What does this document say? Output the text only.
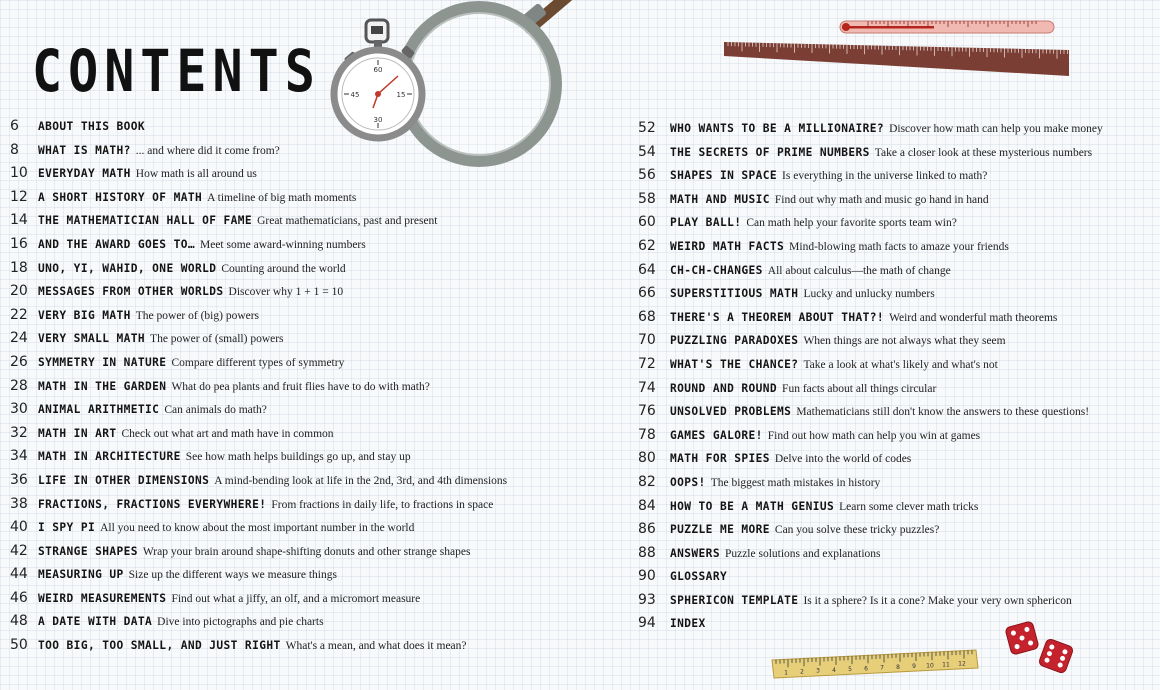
CONTENTS	60
15
30
45
1 2 3 4 5 6 7 8 9 10 11 12
6	ABOUT THIS BOOK
8	WHAT IS MATH? ... and where did it come from?
10 EVERYDAY MATH How math is all around us
12 A SHORT HISTORY OF MATH A timeline of big math moments
14 THE MATHEMATICIAN HALL OF FAME Great mathematicians, past and present
16 AND THE AWARD GOES TO… Meet some award-winning numbers
18 UNO, YI, WAHID, ONE WORLD Counting around the world
20 MESSAGES FROM OTHER WORLDS Discover why 1 + 1 = 10
22 VERY BIG MATH The power of (big) powers
24 VERY SMALL MATH The power of (small) powers
26 SYMMETRY IN NATURE Compare different types of symmetry
28 MATH IN THE GARDEN What do pea plants and fruit flies have to do with math?
30 ANIMAL ARITHMETIC Can animals do math?
32 MATH IN ART Check out what art and math have in common
34 MATH IN ARCHITECTURE See how math helps buildings go up, and stay up
36 LIFE IN OTHER DIMENSIONS A mind-bending look at life in the 2nd, 3rd, and 4th dimensions
38 FRACTIONS, FRACTIONS EVERYWHERE! From fractions in daily life, to fractions in space
40 I SPY PI All you need to know about the most important number in the world
42 STRANGE SHAPES Wrap your brain around shape-shifting donuts and other strange shapes
44 MEASURING UP Size up the different ways we measure things
46 WEIRD MEASUREMENTS Find out what a jiffy, an olf, and a micromort measure
48 A DATE WITH DATA Dive into pictographs and pie charts
50 TOO BIG, TOO SMALL, AND JUST RIGHT What's a mean, and what does it mean?
52	WHO WANTS TO BE A MILLIONAIRE? Discover how math can help you make money
54	THE SECRETS OF PRIME NUMBERS Take a closer look at these mysterious numbers
56	SHAPES IN SPACE Is everything in the universe linked to math?
58	MATH AND MUSIC Find out why math and music go hand in hand
60	PLAY BALL! Can math help your favorite sports team win?
62	WEIRD MATH FACTS Mind-blowing math facts to amaze your friends
64	CH-CH-CHANGES All about calculus—the math of change
66	SUPERSTITIOUS MATH Lucky and unlucky numbers
68	THERE'S A THEOREM ABOUT THAT?! Weird and wonderful math theorems
70	PUZZLING PARADOXES When things are not always what they seem
72	WHAT'S THE CHANCE? Take a look at what's likely and what's not
74	ROUND AND ROUND Fun facts about all things circular
76	UNSOLVED PROBLEMS Mathematicians still don't know the answers to these questions!
78	GAMES GALORE! Find out how math can help you win at games
80	MATH FOR SPIES Delve into the world of codes
82	OOPS! The biggest math mistakes in history
84	HOW TO BE A MATH GENIUS Learn some clever math tricks
86	PUZZLE ME MORE Can you solve these tricky puzzles?
88	ANSWERS Puzzle solutions and explanations
90	GLOSSARY
93	SPHERICON TEMPLATE Is it a sphere? Is it a cone? Make your very own sphericon
94	INDEX
